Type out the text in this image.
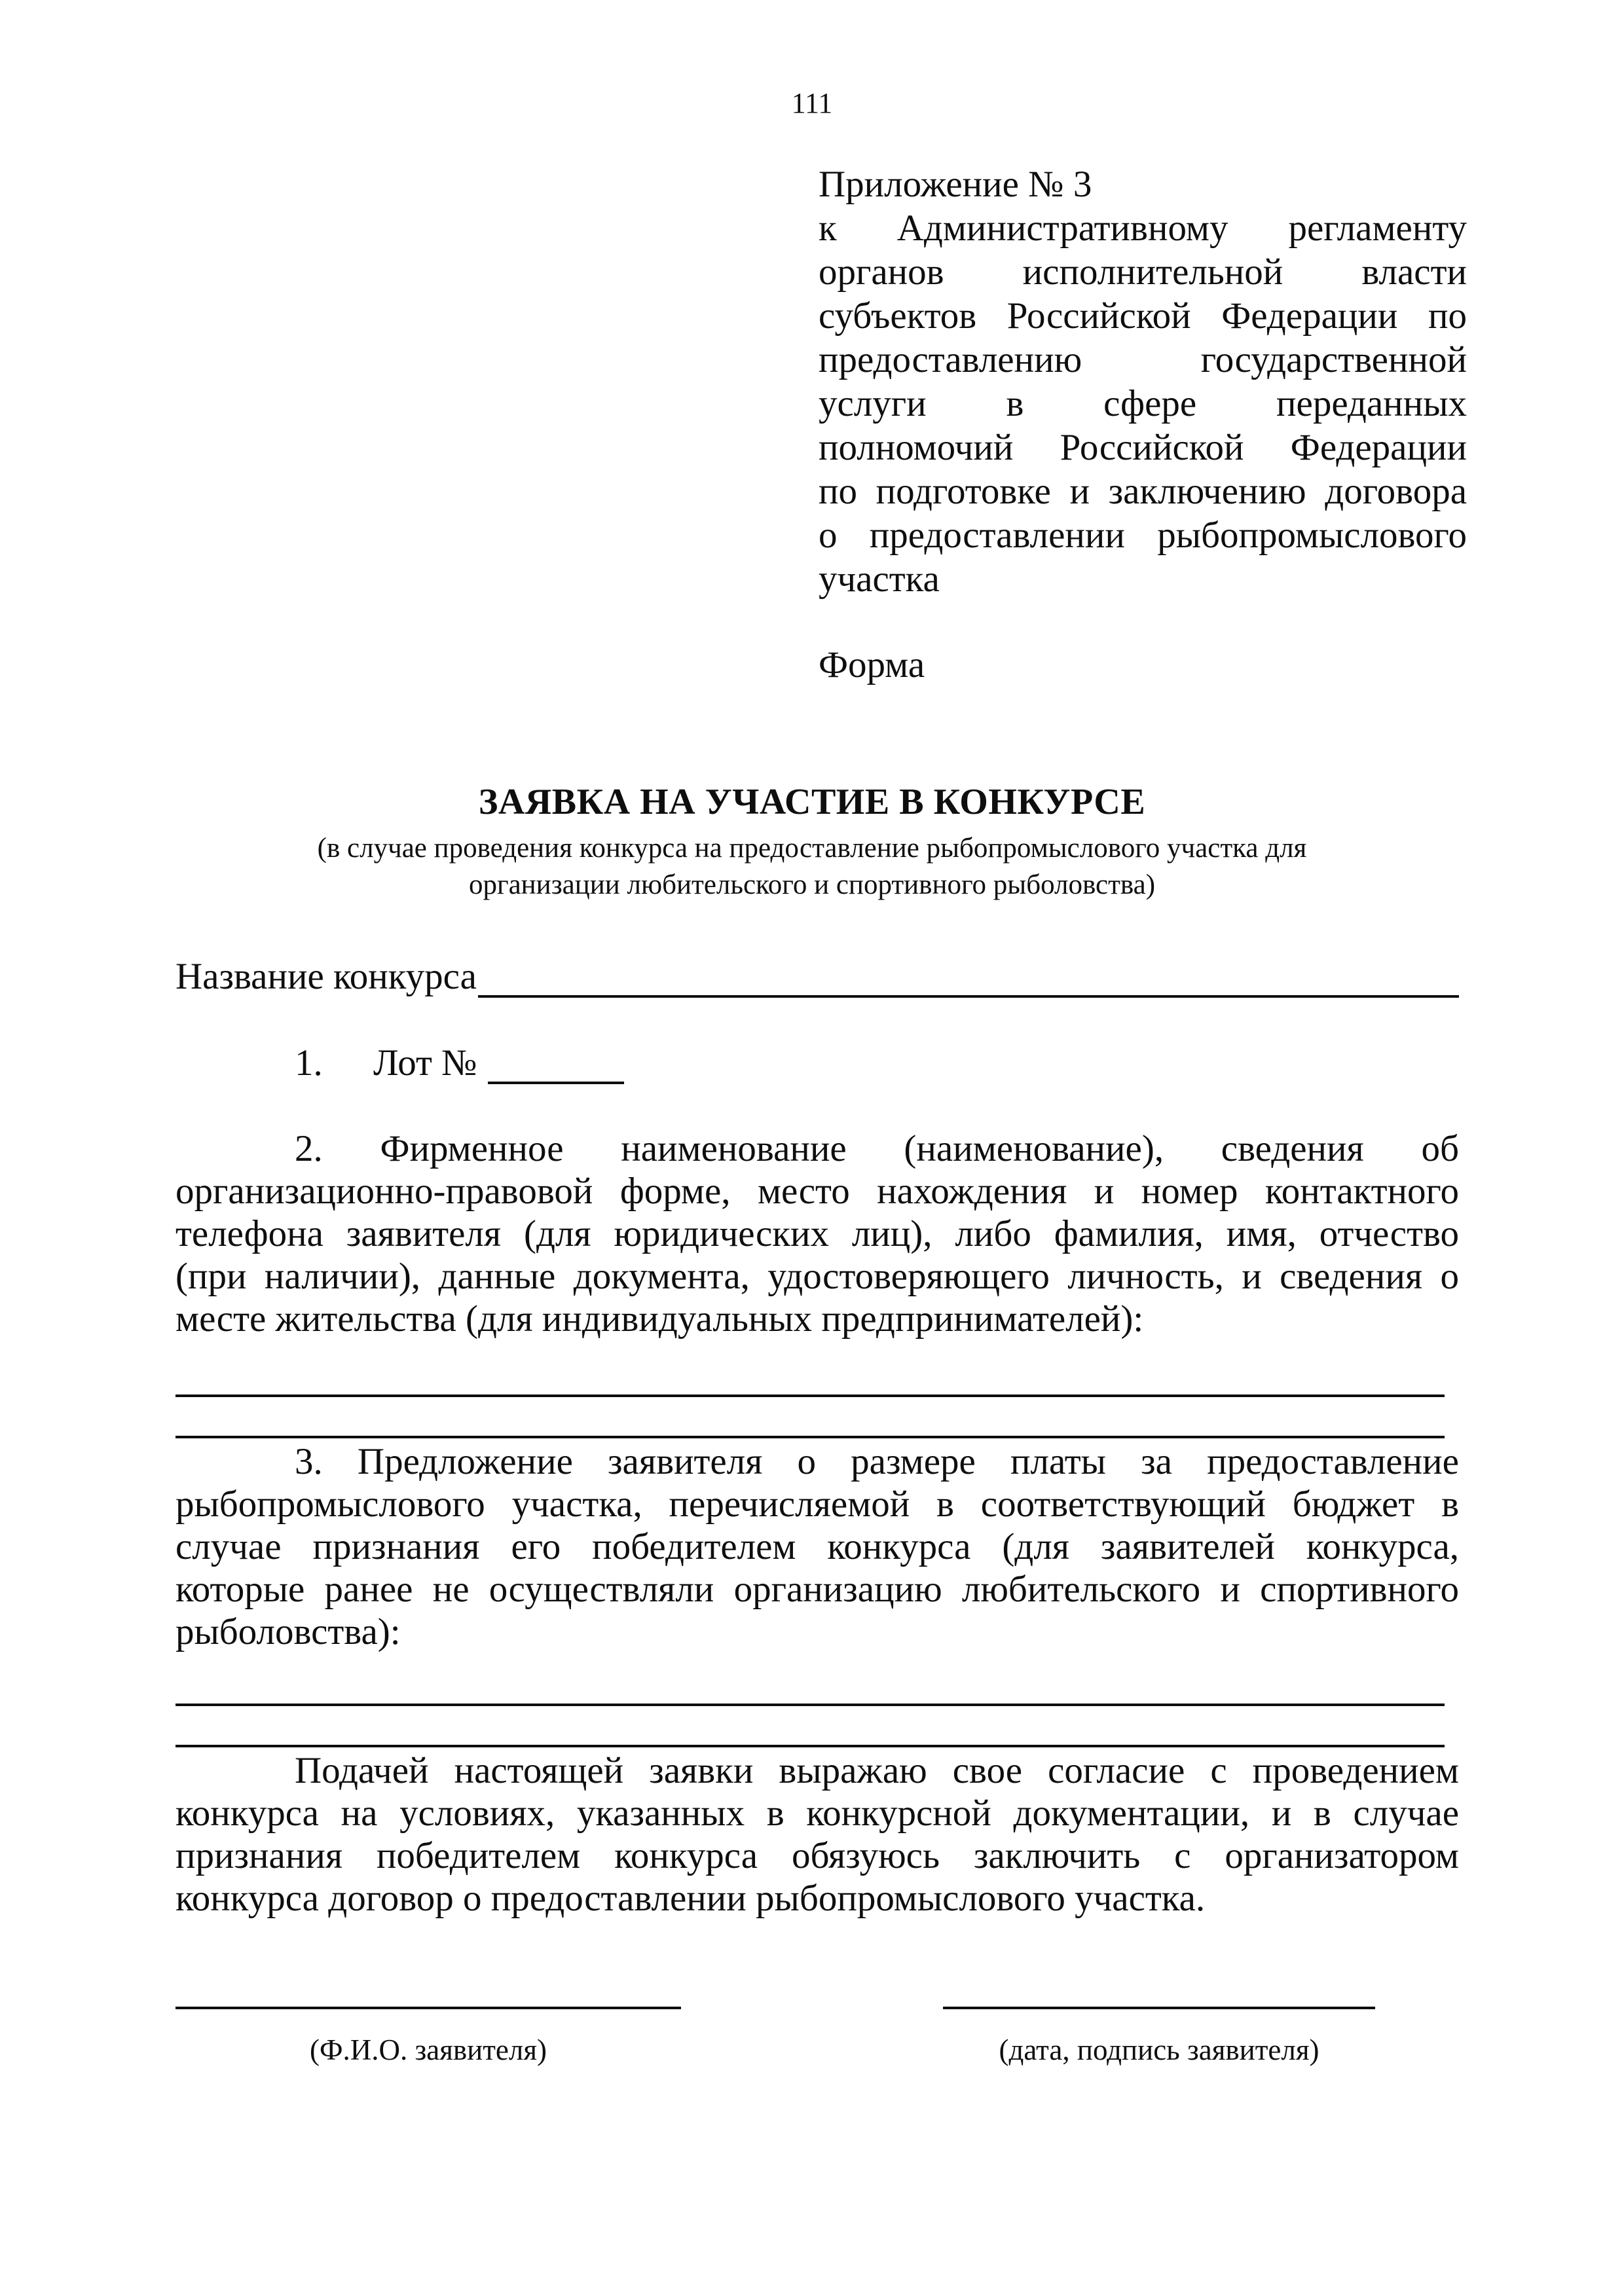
111
Приложение № 3
к Административному регламенту
органов исполнительной власти
субъектов Российской Федерации по
предоставлению государственной
услуги в сфере переданных
полномочий Российской Федерации
по подготовке и заключению договора
о предоставлении рыбопромыслового
участка
Форма
ЗАЯВКА НА УЧАСТИЕ В КОНКУРСЕ
(в случае проведения конкурса на предоставление рыбопромыслового участка для
организации любительского и спортивного рыболовства)
Название конкурса
1.	Лот №
2. Фирменное наименование (наименование), сведения об
организационно-правовой форме, место нахождения и номер контактного
телефона заявителя (для юридических лиц), либо фамилия, имя, отчество
(при наличии), данные документа, удостоверяющего личность, и сведения о
месте жительства (для индивидуальных предпринимателей):
3. Предложение заявителя о размере платы за предоставление
рыбопромыслового участка, перечисляемой в соответствующий бюджет в
случае признания его победителем конкурса (для заявителей конкурса,
которые ранее не осуществляли организацию любительского и спортивного
рыболовства):
Подачей настоящей заявки выражаю свое согласие с проведением
конкурса на условиях, указанных в конкурсной документации, и в случае
признания победителем конкурса обязуюсь заключить с организатором
конкурса договор о предоставлении рыбопромыслового участка.
(Ф.И.О. заявителя)	(дата, подпись заявителя)
